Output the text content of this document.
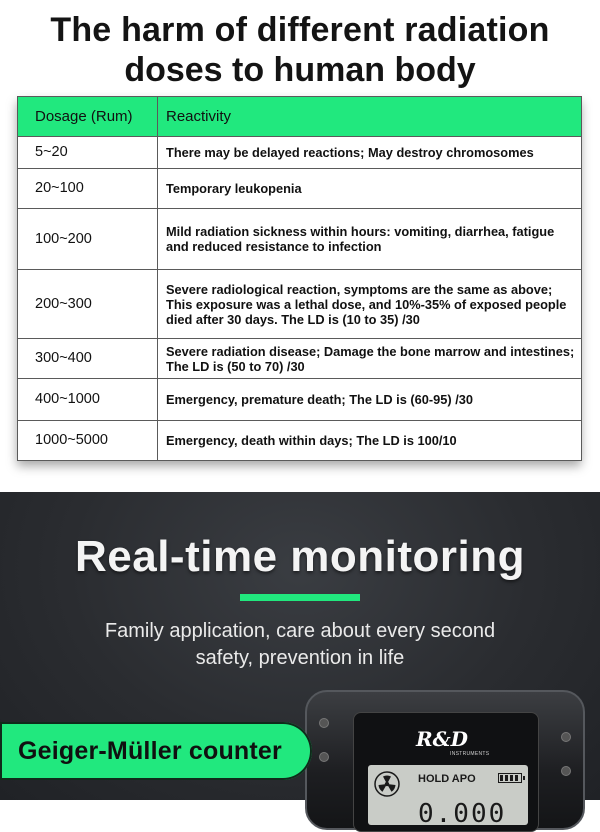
The harm of different radiation
doses to human body
Dosage (Rum)	Reactivity
5~20	There may be delayed reactions; May destroy chromosomes
20~100	Temporary leukopenia
100~200	Mild radiation sickness within hours: vomiting, diarrhea, fatigue and reduced resistance to infection
200~300	Severe radiological reaction, symptoms are the same as above; This exposure was a lethal dose, and 10%-35% of exposed people died after 30 days. The LD is (10 to 35) /30
300~400	Severe radiation disease; Damage the bone marrow and intestines; The LD is (50 to 70) /30
400~1000	Emergency, premature death; The LD is (60-95) /30
1000~5000	Emergency, death within days; The LD is 100/10
Real-time monitoring
Family application, care about every second
safety, prevention in life
R&D
INSTRUMENTS
HOLD APO
0.000
Geiger-Müller counter
